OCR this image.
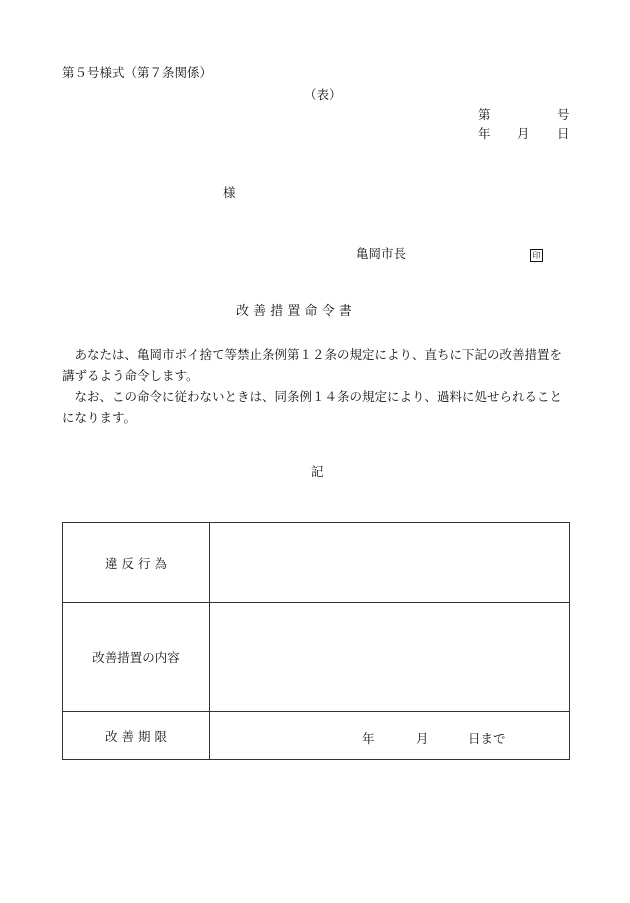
第５号様式（第７条関係）
（表）
第	号
年 月 日
様
亀岡市長	印
改 善 措 置 命 令 書
あなたは、亀岡市ポイ捨て等禁止条例第１２条の規定により、直ちに下記の改善措置を講ずるよう命令します。
なお、この命令に従わないときは、同条例１４条の規定により、過料に処せられることになります。
記
違 反 行 為	
改善措置の内容	
改 善 期 限	年 月 日まで
